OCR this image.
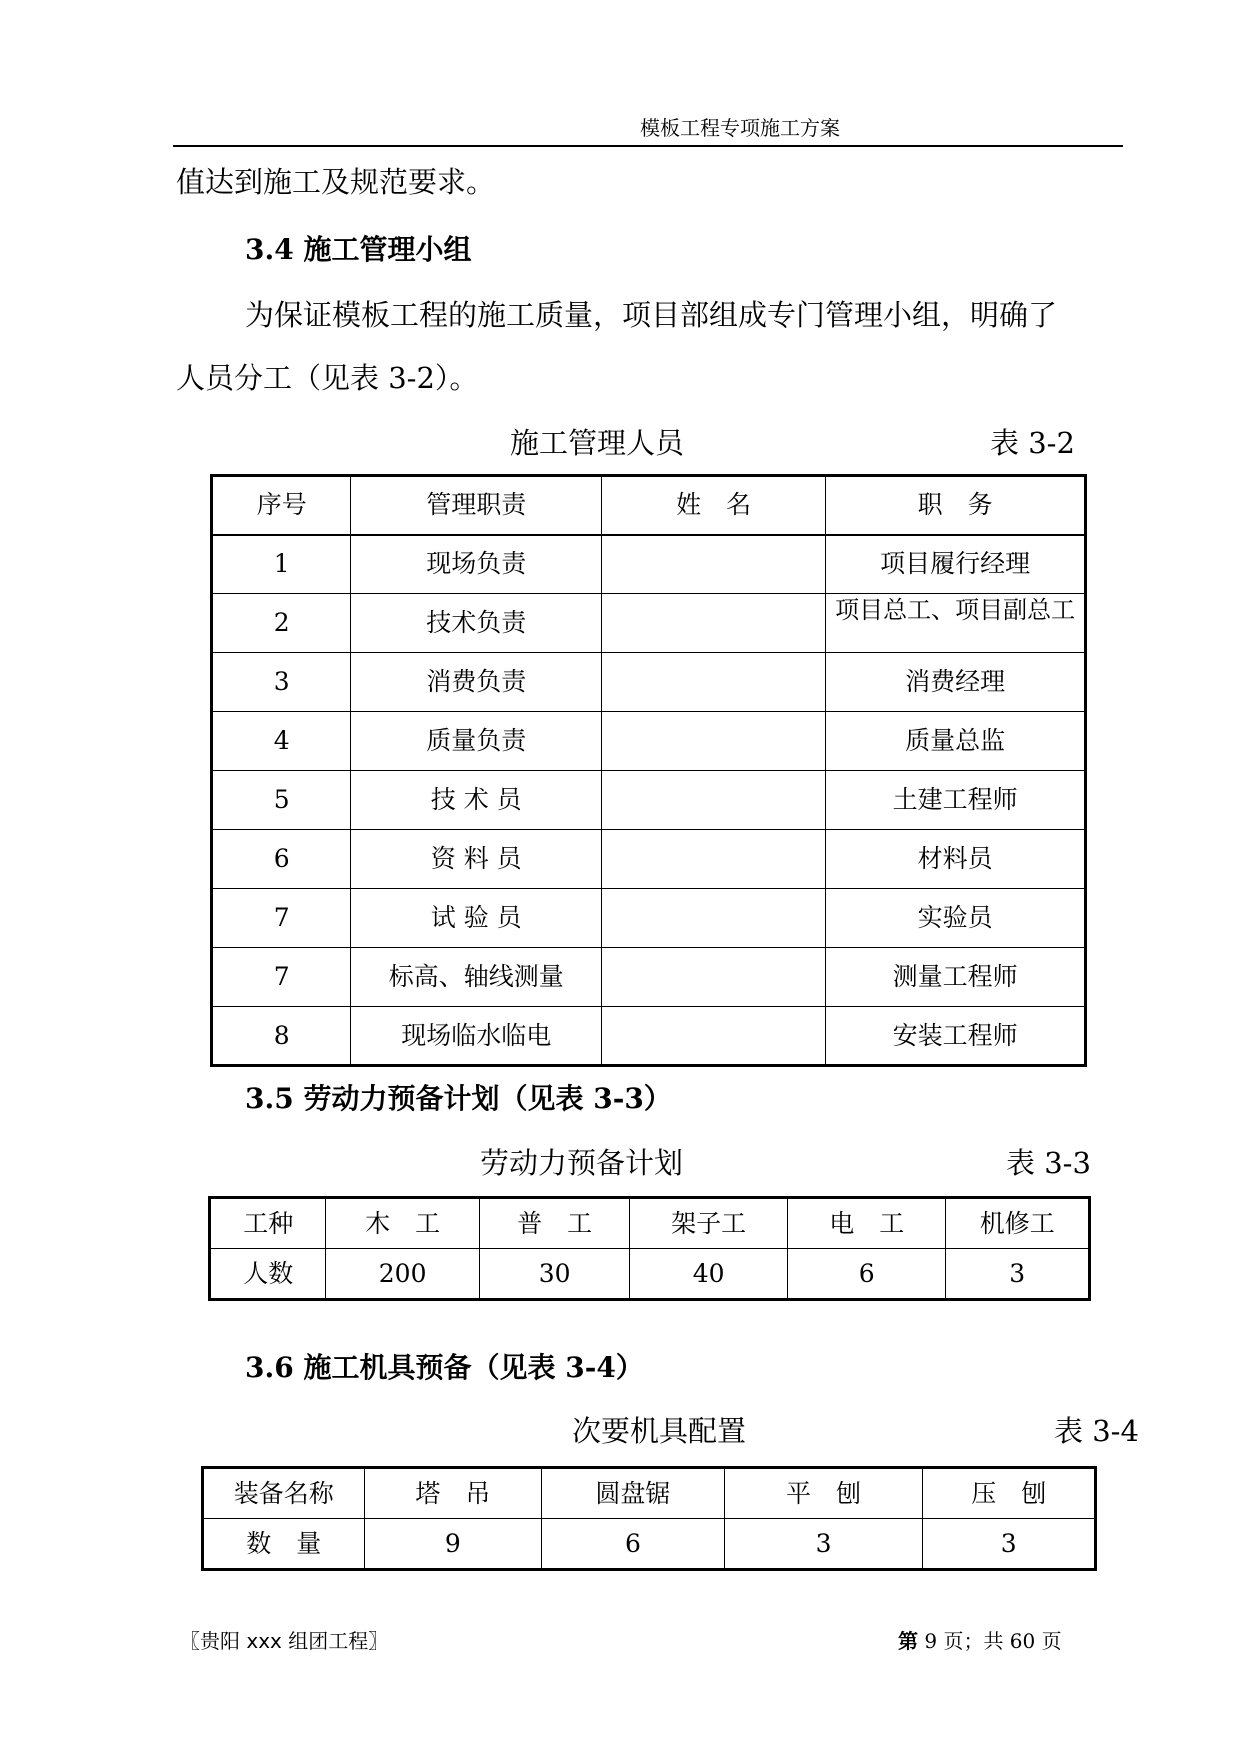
模板工程专项施工方案
值达到施工及规范要求。
3.4 施工管理小组
为保证模板工程的施工质量，项目部组成专门管理小组，明确了
人员分工（见表 3-2）。
施工管理人员	表 3-2
序号	管理职责	姓　名	职　务
1	现场负责		项目履行经理
2	技术负责		项目总工、项目副总工
3	消费负责		消费经理
4	质量负责		质量总监
5	技 术 员		土建工程师
6	资 料 员		材料员
7	试 验 员		实验员
7	标高、轴线测量		测量工程师
8	现场临水临电		安装工程师
3.5 劳动力预备计划（见表 3-3）
劳动力预备计划	表 3-3
工种	木　工	普　工	架子工	电　工	机修工
人数	200	30	40	6	3
3.6 施工机具预备（见表 3-4）
次要机具配置	表 3-4
装备名称	塔　吊	圆盘锯	平　刨	压　刨
数　量	9	6	3	3
〖贵阳 xxx 组团工程〗	第 9 页；共 60 页
